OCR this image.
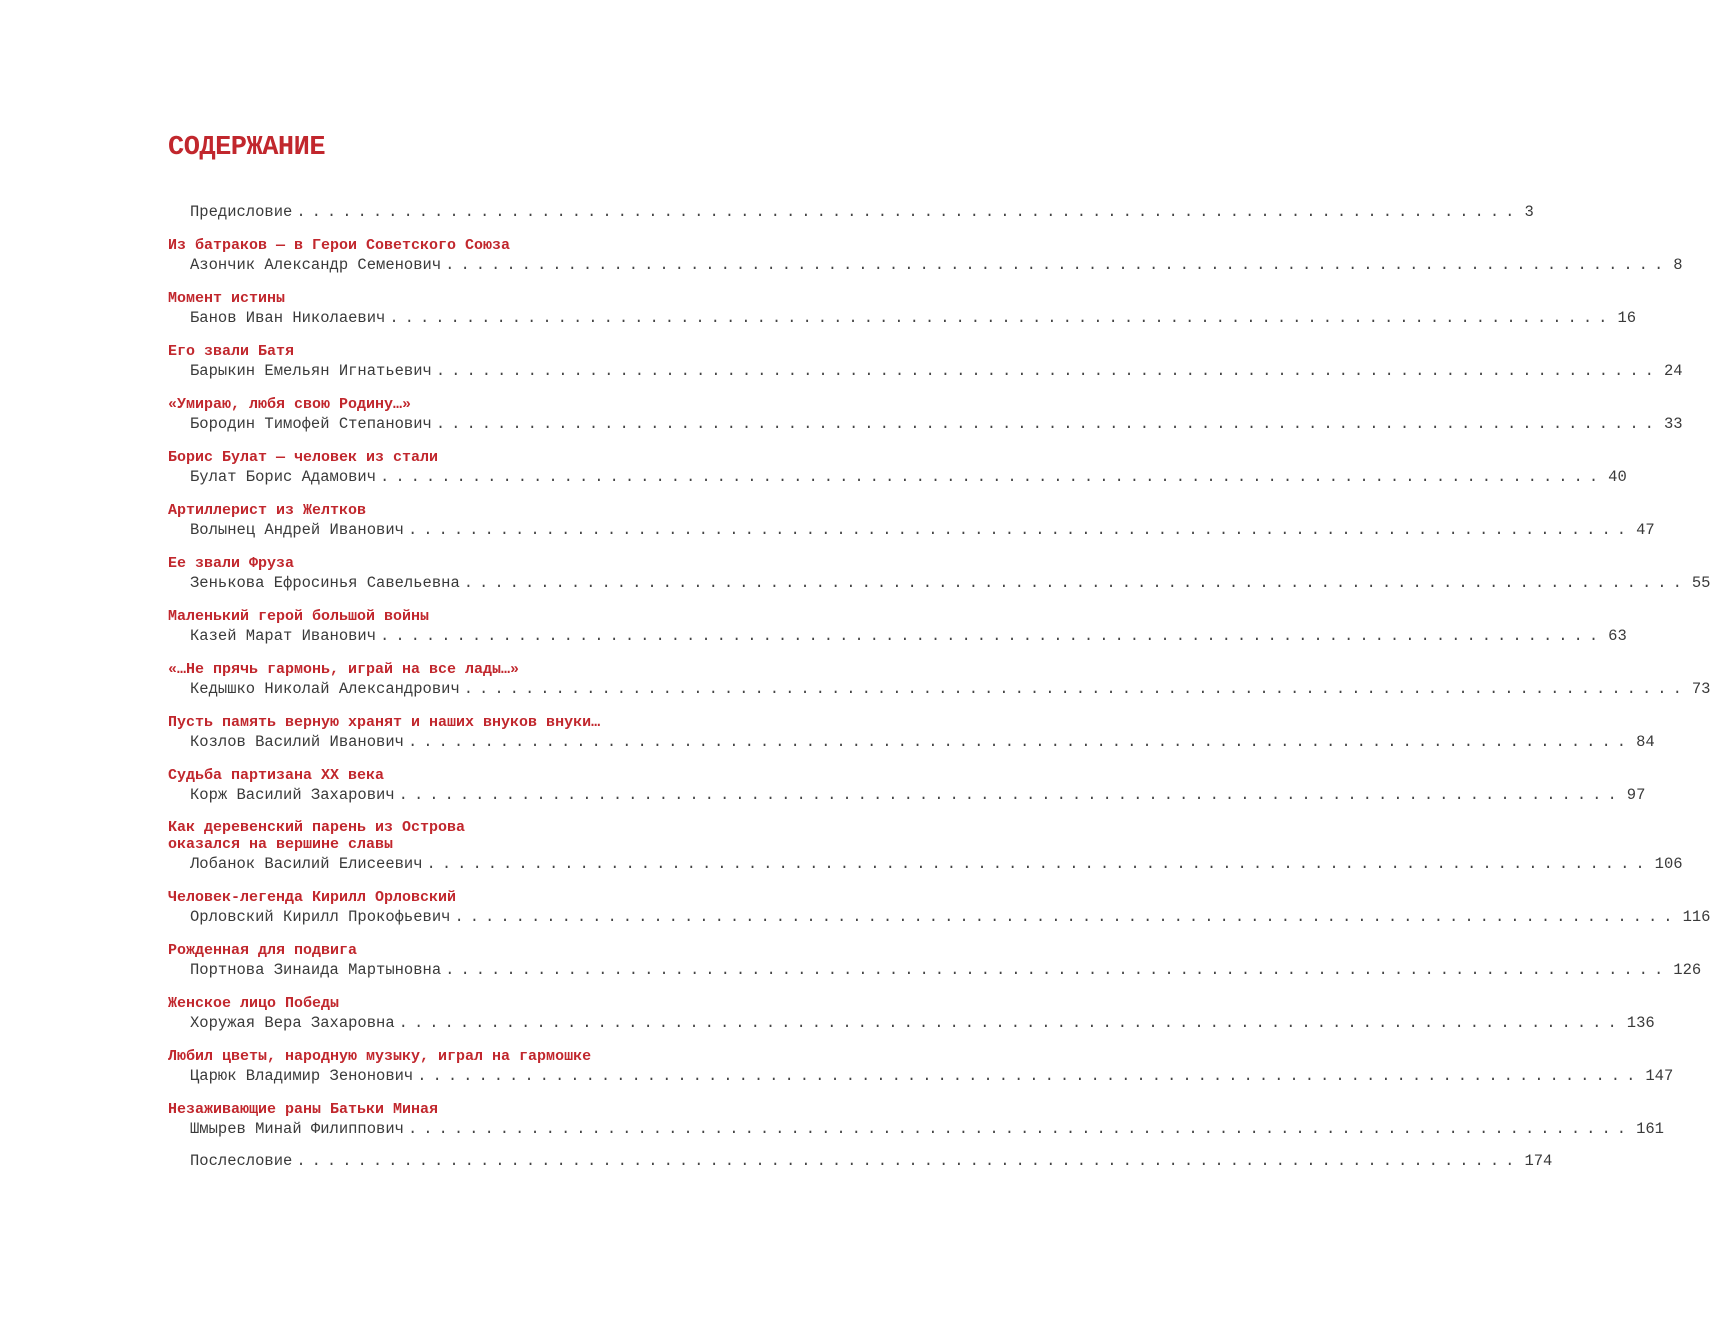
СОДЕРЖАНИЕ
Предисловие ................................................................................ 3
Из батраков — в Герои Советского Союза
Азончик Александр Семенович ................................................................................ 8
Момент истины
Банов Иван Николаевич ................................................................................ 16
Его звали Батя
Барыкин Емельян Игнатьевич ................................................................................ 24
«Умираю, любя свою Родину…»
Бородин Тимофей Степанович ................................................................................ 33
Борис Булат — человек из стали
Булат Борис Адамович ................................................................................ 40
Артиллерист из Желтков
Волынец Андрей Иванович ................................................................................ 47
Ее звали Фруза
Зенькова Ефросинья Савельевна ................................................................................ 55
Маленький герой большой войны
Казей Марат Иванович ................................................................................ 63
«…Не прячь гармонь, играй на все лады…»
Кедышко Николай Александрович ................................................................................ 73
Пусть память верную хранят и наших внуков внуки…
Козлов Василий Иванович ................................................................................ 84
Судьба партизана XX века
Корж Василий Захарович ................................................................................ 97
Как деревенский парень из Острова
оказался на вершине славы
Лобанок Василий Елисеевич ................................................................................ 106
Человек-легенда Кирилл Орловский
Орловский Кирилл Прокофьевич ................................................................................ 116
Рожденная для подвига
Портнова Зинаида Мартыновна ................................................................................ 126
Женское лицо Победы
Хоружая Вера Захаровна ................................................................................ 136
Любил цветы, народную музыку, играл на гармошке
Царюк Владимир Зенонович ................................................................................ 147
Незаживающие раны Батьки Миная
Шмырев Минай Филиппович ................................................................................ 161
Послесловие ................................................................................ 174
